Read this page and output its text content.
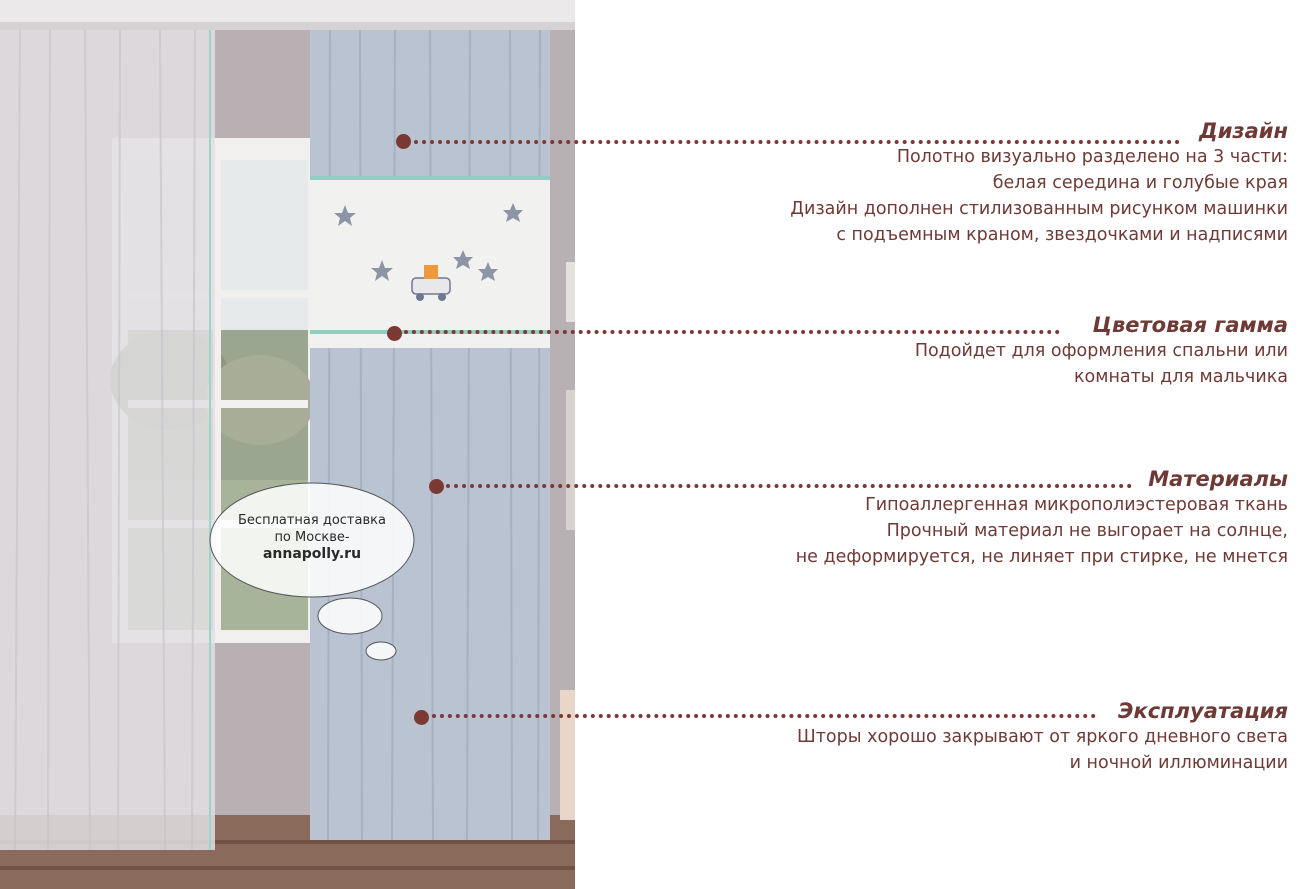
Бесплатная доставка
по Москве-
annapolly.ru
Дизайн
Полотно визуально разделено на 3 части:
белая середина и голубые края
Дизайн дополнен стилизованным рисунком машинки
с подъемным краном, звездочками и надписями
Цветовая гамма
Подойдет для оформления спальни или
комнаты для мальчика
Материалы
Гипоаллергенная микрополиэстеровая ткань
Прочный материал не выгорает на солнце,
не деформируется, не линяет при стирке, не мнется
Эксплуатация
Шторы хорошо закрывают от яркого дневного света
и ночной иллюминации
